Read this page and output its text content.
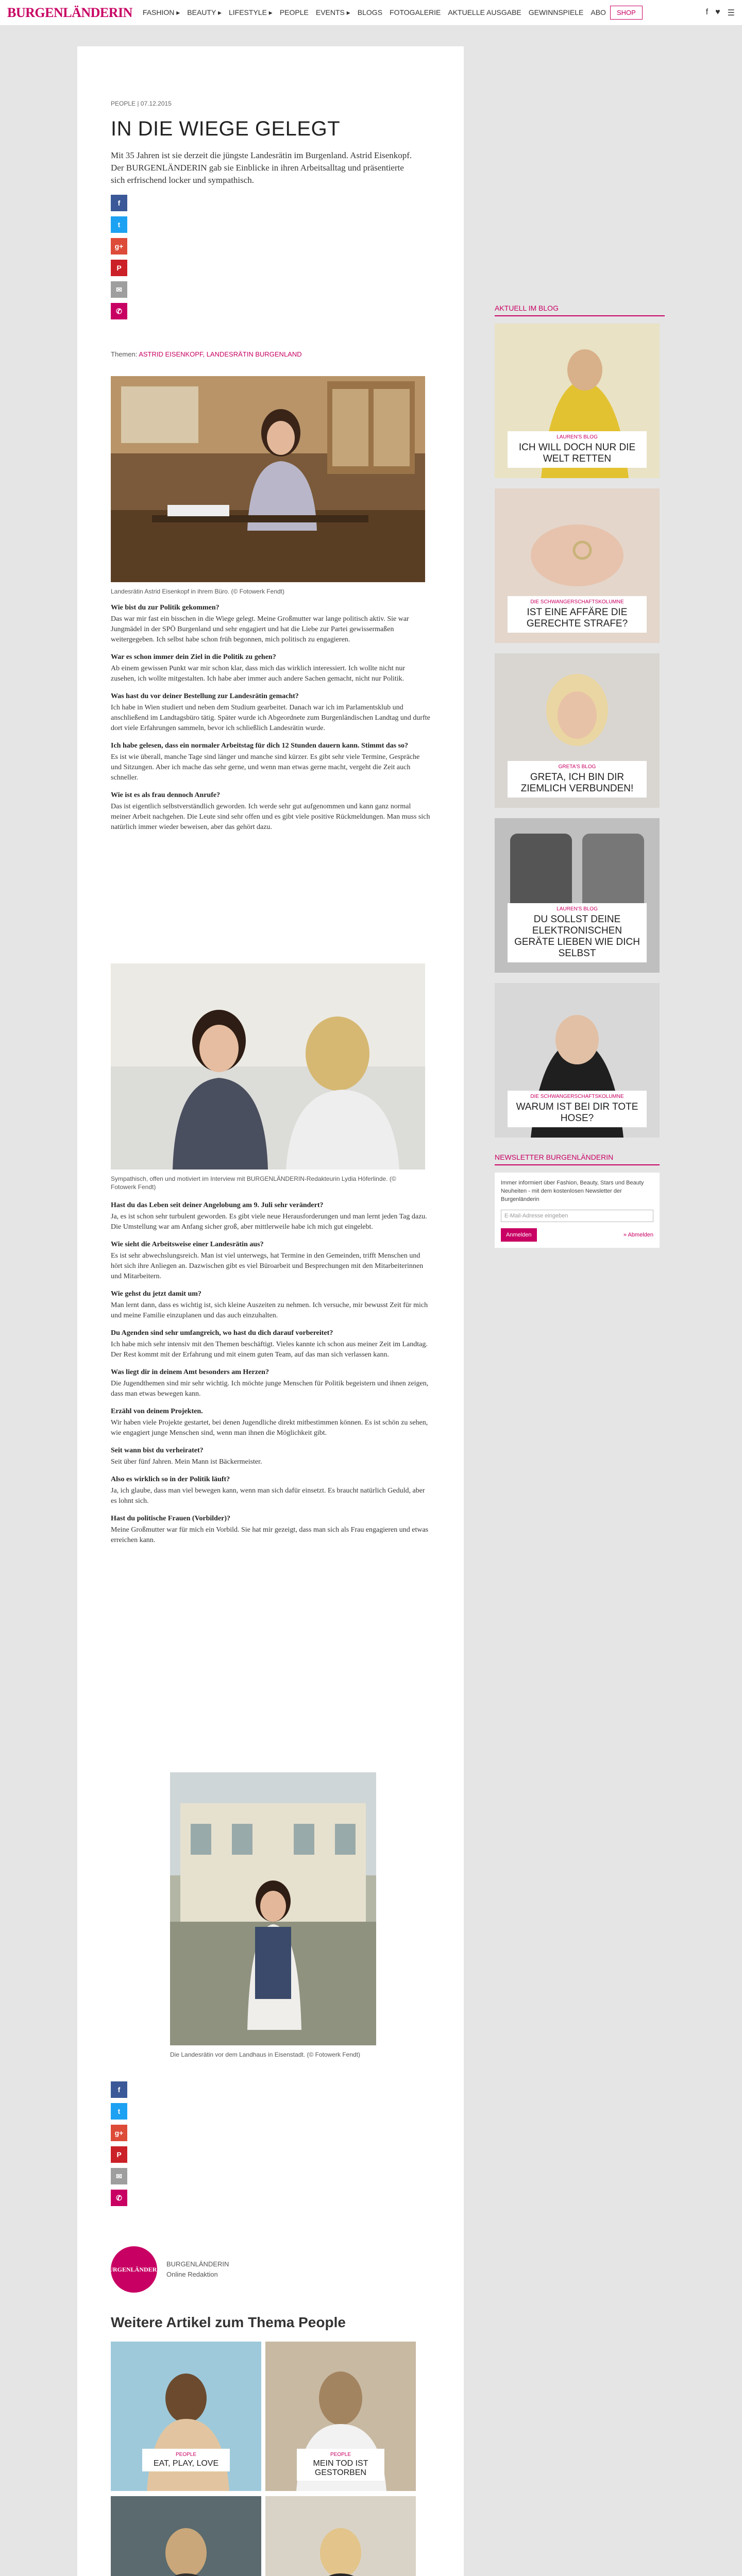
BURGENLÄNDERIN FASHION ▸ BEAUTY ▸ LIFESTYLE ▸ PEOPLE EVENTS ▸ BLOGS FOTOGALERIE AKTUELLE AUSGABE GEWINNSPIELE ABO	SHOP	f ♥ ☰
PEOPLE | 07.12.2015
IN DIE WIEGE GELEGT

Mit 35 Jahren ist sie derzeit die jüngste Landesrätin im Burgenland. Astrid Eisenkopf. Der BURGENLÄNDERIN gab sie Einblicke in ihren Arbeitsalltag und präsentierte sich erfrischend locker und sympathisch.

f
t
g+
P
✉
✆
Themen: ASTRID EISENKOPF, LANDESRÄTIN BURGENLAND
Landesrätin Astrid Eisenkopf in ihrem Büro. (© Fotowerk Fendt)

Wie bist du zur Politik gekommen?

Das war mir fast ein bisschen in die Wiege gelegt. Meine Großmutter war lange politisch aktiv. Sie war Jungmädel in der SPÖ Burgenland und sehr engagiert und hat die Liebe zur Partei gewissermaßen weitergegeben. Ich selbst habe schon früh begonnen, mich politisch zu engagieren.

War es schon immer dein Ziel in die Politik zu gehen?

Ab einem gewissen Punkt war mir schon klar, dass mich das wirklich interessiert. Ich wollte nicht nur zusehen, ich wollte mitgestalten. Ich habe aber immer auch andere Sachen gemacht, nicht nur Politik.

Was hast du vor deiner Bestellung zur Landesrätin gemacht?

Ich habe in Wien studiert und neben dem Studium gearbeitet. Danach war ich im Parlamentsklub und anschließend im Landtagsbüro tätig. Später wurde ich Abgeordnete zum Burgenländischen Landtag und durfte dort viele Erfahrungen sammeln, bevor ich schließlich Landesrätin wurde.

Ich habe gelesen, dass ein normaler Arbeitstag für dich 12 Stunden dauern kann. Stimmt das so?

Es ist wie überall, manche Tage sind länger und manche sind kürzer. Es gibt sehr viele Termine, Gespräche und Sitzungen. Aber ich mache das sehr gerne, und wenn man etwas gerne macht, vergeht die Zeit auch schneller.

Wie ist es als frau dennoch Anrufe?

Das ist eigentlich selbstverständlich geworden. Ich werde sehr gut aufgenommen und kann ganz normal meiner Arbeit nachgehen. Die Leute sind sehr offen und es gibt viele positive Rückmeldungen. Man muss sich natürlich immer wieder beweisen, aber das gehört dazu.

Sympathisch, offen und motiviert im Interview mit BURGENLÄNDERIN-Redakteurin Lydia Höferlinde. (© Fotowerk Fendt)

Hast du das Leben seit deiner Angelobung am 9. Juli sehr verändert?

Ja, es ist schon sehr turbulent geworden. Es gibt viele neue Herausforderungen und man lernt jeden Tag dazu. Die Umstellung war am Anfang sicher groß, aber mittlerweile habe ich mich gut eingelebt.

Wie sieht die Arbeitsweise einer Landesrätin aus?

Es ist sehr abwechslungsreich. Man ist viel unterwegs, hat Termine in den Gemeinden, trifft Menschen und hört sich ihre Anliegen an. Dazwischen gibt es viel Büroarbeit und Besprechungen mit den Mitarbeiterinnen und Mitarbeitern.

Wie gehst du jetzt damit um?

Man lernt dann, dass es wichtig ist, sich kleine Auszeiten zu nehmen. Ich versuche, mir bewusst Zeit für mich und meine Familie einzuplanen und das auch einzuhalten.

Du Agenden sind sehr umfangreich, wo hast du dich darauf vorbereitet?

Ich habe mich sehr intensiv mit den Themen beschäftigt. Vieles kannte ich schon aus meiner Zeit im Landtag. Der Rest kommt mit der Erfahrung und mit einem guten Team, auf das man sich verlassen kann.

Was liegt dir in deinem Amt besonders am Herzen?

Die Jugendthemen sind mir sehr wichtig. Ich möchte junge Menschen für Politik begeistern und ihnen zeigen, dass man etwas bewegen kann.

Erzähl von deinem Projekten.

Wir haben viele Projekte gestartet, bei denen Jugendliche direkt mitbestimmen können. Es ist schön zu sehen, wie engagiert junge Menschen sind, wenn man ihnen die Möglichkeit gibt.

Seit wann bist du verheiratet?

Seit über fünf Jahren. Mein Mann ist Bäckermeister.

Also es wirklich so in der Politik läuft?

Ja, ich glaube, dass man viel bewegen kann, wenn man sich dafür einsetzt. Es braucht natürlich Geduld, aber es lohnt sich.

Hast du politische Frauen (Vorbilder)?

Meine Großmutter war für mich ein Vorbild. Sie hat mir gezeigt, dass man sich als Frau engagieren und etwas erreichen kann.

Die Landesrätin vor dem Landhaus in Eisenstadt. (© Fotowerk Fendt)
f
t
g+
P
✉
✆
BURGENLÄNDERIN
BURGENLÄNDERIN
Online Redaktion
Weitere Artikel zum Thema People
PEOPLE
EAT, PLAY, LOVE
PEOPLE
MEIN TOD IST GESTORBEN
AKTUELL IM BLOG
LAUREN'S BLOG
ICH WILL DOCH NUR DIE WELT RETTEN
DIE SCHWANGERSCHAFTSKOLUMNE
IST EINE AFFÄRE DIE GERECHTE STRAFE?
GRETA'S BLOG
GRETA, ICH BIN DIR ZIEMLICH VERBUNDEN!
LAUREN'S BLOG
DU SOLLST DEINE ELEKTRONISCHEN GERÄTE LIEBEN WIE DICH SELBST
DIE SCHWANGERSCHAFTSKOLUMNE
WARUM IST BEI DIR TOTE HOSE?
NEWSLETTER BURGENLÄNDERIN
Immer informiert über Fashion, Beauty, Stars und Beauty Neuheiten - mit dem kostenlosen Newsletter der Burgenländerin
E-Mail-Adresse eingeben
Anmelden	» Abmelden
